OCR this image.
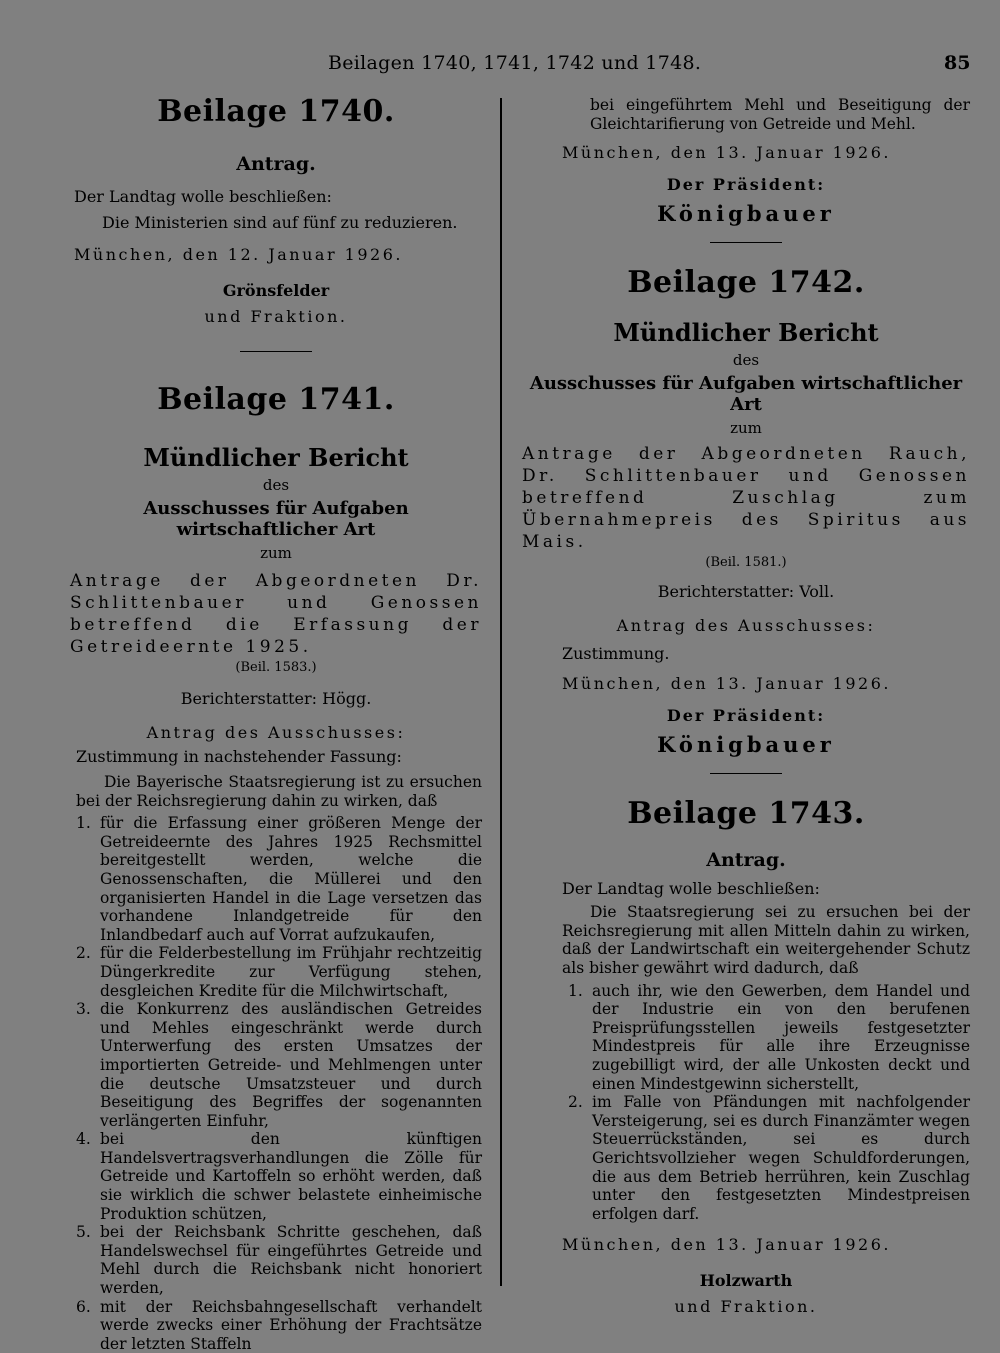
Beilagen 1740, 1741, 1742 und 1748.	85
Beilage 1740.

Antrag.

Der Landtag wolle beschließen:

Die Ministerien sind auf fünf zu reduzieren.

München, den 12. Januar 1926.

Grönsfelder

und Fraktion.

Beilage 1741.

Mündlicher Bericht

des

Ausschusses für Aufgaben wirtschaftlicher Art

zum

Antrage der Abgeordneten Dr. Schlittenbauer und Genossen betreffend die Erfassung der Getreideernte 1925.

(Beil. 1583.)

Berichterstatter: Högg.

Antrag des Ausschusses:

Zustimmung in nachstehender Fassung:

Die Bayerische Staatsregierung ist zu ersuchen bei der Reichsregierung dahin zu wirken, daß

1. für die Erfassung einer größeren Menge der Getreideernte des Jahres 1925 Rechsmittel bereitgestellt werden, welche die Genossenschaften, die Müllerei und den organisierten Handel in die Lage versetzen das vorhandene Inlandgetreide für den Inlandbedarf auch auf Vorrat aufzukaufen,
2. für die Felderbestellung im Frühjahr rechtzeitig Düngerkredite zur Verfügung stehen, desgleichen Kredite für die Milchwirtschaft,
3. die Konkurrenz des ausländischen Getreides und Mehles eingeschränkt werde durch Unterwerfung des ersten Umsatzes der importierten Getreide- und Mehlmengen unter die deutsche Umsatzsteuer und durch Beseitigung des Begriffes der sogenannten verlängerten Einfuhr,
4. bei den künftigen Handelsvertragsverhandlungen die Zölle für Getreide und Kartoffeln so erhöht werden, daß sie wirklich die schwer belastete einheimische Produktion schützen,
5. bei der Reichsbank Schritte geschehen, daß Handelswechsel für eingeführtes Getreide und Mehl durch die Reichsbank nicht honoriert werden,
6. mit der Reichsbahngesellschaft verhandelt werde zwecks einer Erhöhung der Frachtsätze der letzten Staffeln

bei eingeführtem Mehl und Beseitigung der Gleichtarifierung von Getreide und Mehl.

München, den 13. Januar 1926.

Der Präsident:

Königbauer

Beilage 1742.

Mündlicher Bericht

des

Ausschusses für Aufgaben wirtschaftlicher Art

zum

Antrage der Abgeordneten Rauch, Dr. Schlittenbauer und Genossen betreffend Zuschlag zum Übernahmepreis des Spiritus aus Mais.

(Beil. 1581.)

Berichterstatter: Voll.

Antrag des Ausschusses:

Zustimmung.

München, den 13. Januar 1926.

Der Präsident:

Königbauer

Beilage 1743.

Antrag.

Der Landtag wolle beschließen:

Die Staatsregierung sei zu ersuchen bei der Reichsregierung mit allen Mitteln dahin zu wirken, daß der Landwirtschaft ein weitergehender Schutz als bisher gewährt wird dadurch, daß

1. auch ihr, wie den Gewerben, dem Handel und der Industrie ein von den berufenen Preisprüfungsstellen jeweils festgesetzter Mindestpreis für alle ihre Erzeugnisse zugebilligt wird, der alle Unkosten deckt und einen Mindestgewinn sicherstellt,
2. im Falle von Pfändungen mit nachfolgender Versteigerung, sei es durch Finanzämter wegen Steuerrückständen, sei es durch Gerichtsvollzieher wegen Schuldforderungen, die aus dem Betrieb herrühren, kein Zuschlag unter den festgesetzten Mindestpreisen erfolgen darf.

München, den 13. Januar 1926.

Holzwarth

und Fraktion.
